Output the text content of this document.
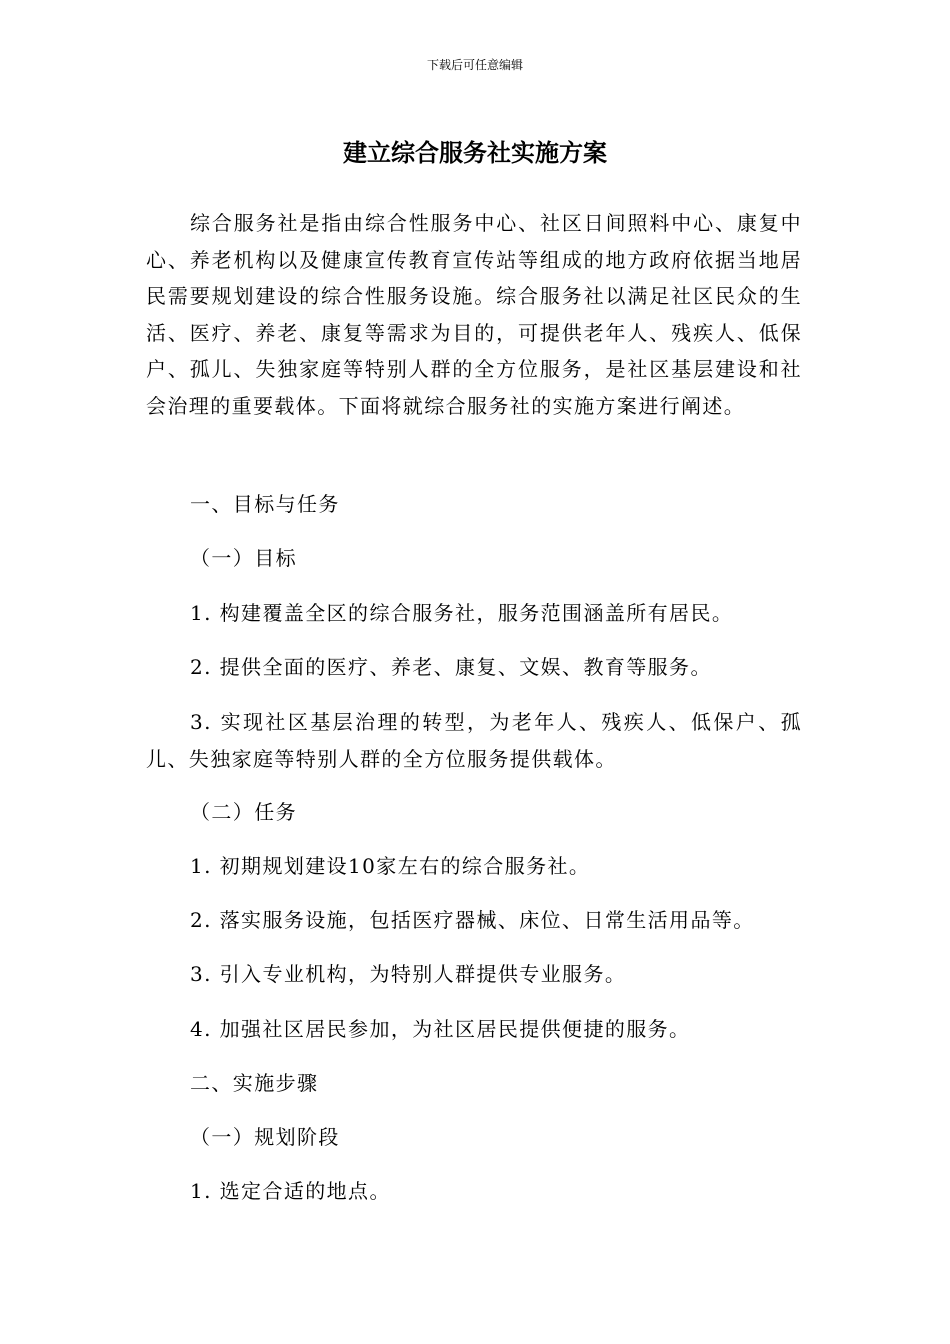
下载后可任意编辑
建立综合服务社实施方案

综合服务社是指由综合性服务中心、社区日间照料中心、康复中心、养老机构以及健康宣传教育宣传站等组成的地方政府依据当地居民需要规划建设的综合性服务设施。综合服务社以满足社区民众的生活、医疗、养老、康复等需求为目的，可提供老年人、残疾人、低保户、孤儿、失独家庭等特别人群的全方位服务，是社区基层建设和社会治理的重要载体。下面将就综合服务社的实施方案进行阐述。

一、目标与任务

（一）目标

1. 构建覆盖全区的综合服务社，服务范围涵盖所有居民。

2. 提供全面的医疗、养老、康复、文娱、教育等服务。

3. 实现社区基层治理的转型，为老年人、残疾人、低保户、孤儿、失独家庭等特别人群的全方位服务提供载体。

（二）任务

1. 初期规划建设10家左右的综合服务社。

2. 落实服务设施，包括医疗器械、床位、日常生活用品等。

3. 引入专业机构，为特别人群提供专业服务。

4. 加强社区居民参加，为社区居民提供便捷的服务。

二、实施步骤

（一）规划阶段

1. 选定合适的地点。
